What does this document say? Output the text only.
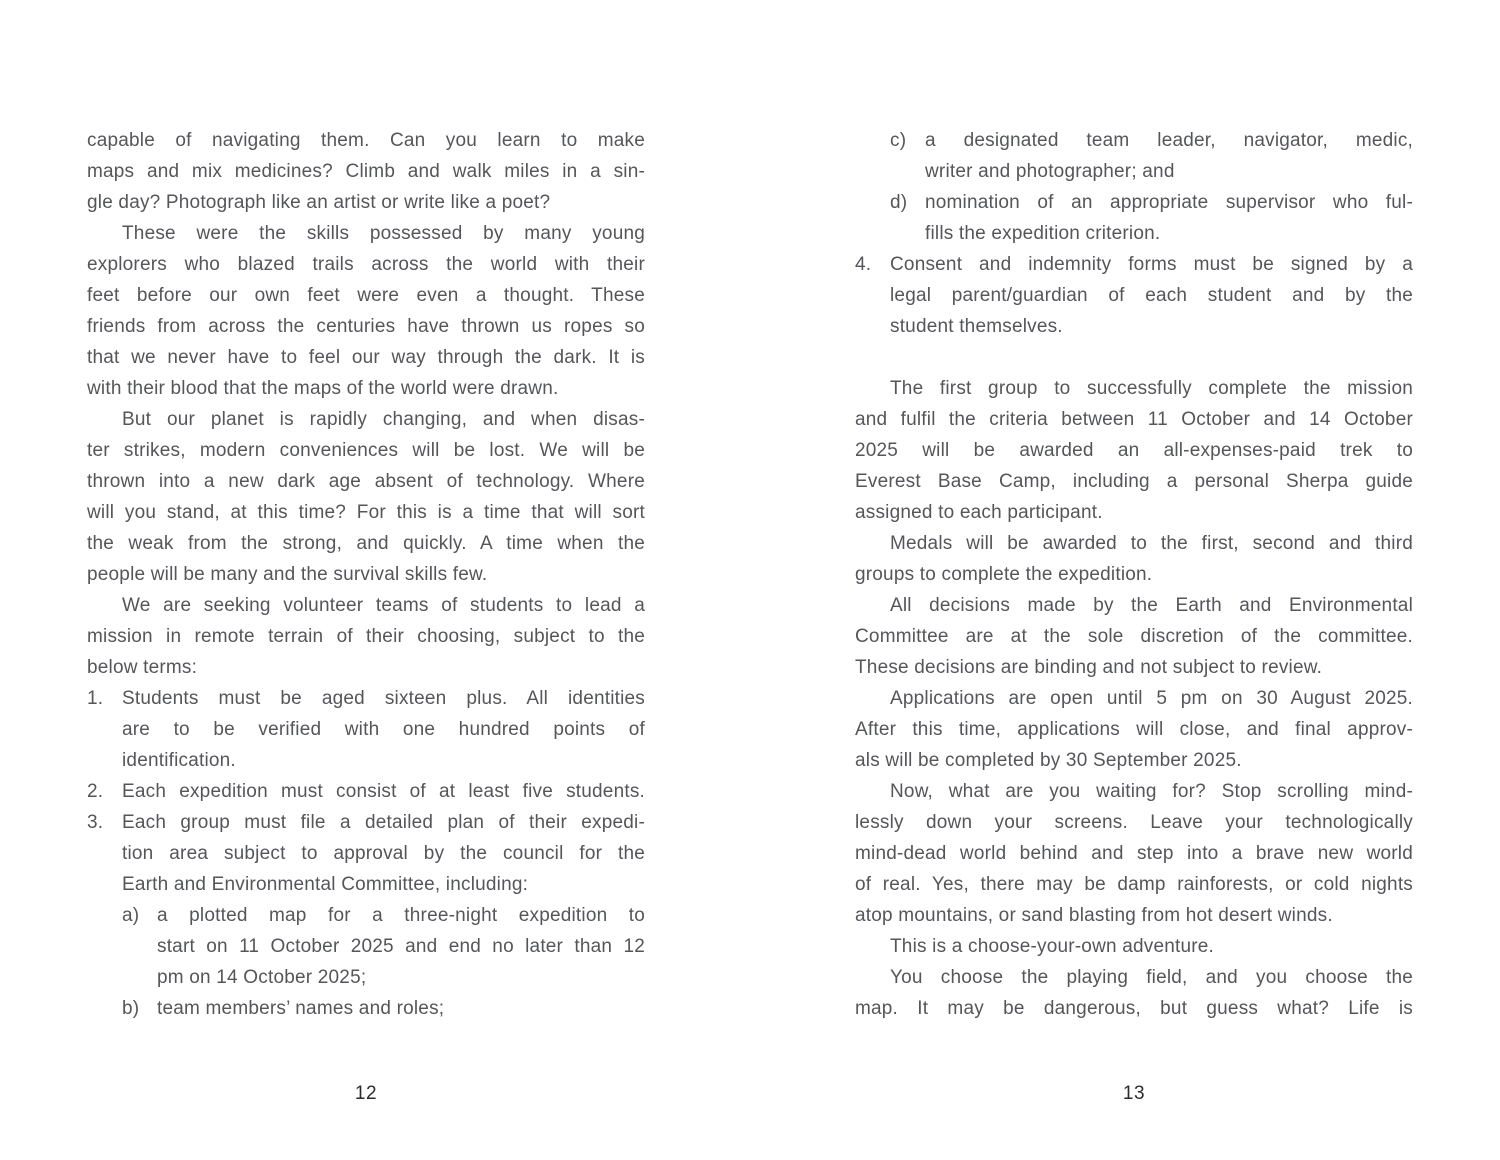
capable of navigating them. Can you learn to make
maps and mix medicines? Climb and walk miles in a sin-
gle day? Photograph like an artist or write like a poet?
These were the skills possessed by many young
explorers who blazed trails across the world with their
feet before our own feet were even a thought. These
friends from across the centuries have thrown us ropes so
that we never have to feel our way through the dark. It is
with their blood that the maps of the world were drawn.
But our planet is rapidly changing, and when disas-
ter strikes, modern conveniences will be lost. We will be
thrown into a new dark age absent of technology. Where
will you stand, at this time? For this is a time that will sort
the weak from the strong, and quickly. A time when the
people will be many and the survival skills few.
We are seeking volunteer teams of students to lead a
mission in remote terrain of their choosing, subject to the
below terms:
1. Students must be aged sixteen plus. All identities
are to be verified with one hundred points of
identification.
2. Each expedition must consist of at least five students.
3. Each group must file a detailed plan of their expedi-
tion area subject to approval by the council for the
Earth and Environmental Committee, including:
a) a plotted map for a three-night expedition to
start on 11 October 2025 and end no later than 12
pm on 14 October 2025;
b) team members’ names and roles;
c) a designated team leader, navigator, medic,
writer and photographer; and
d) nomination of an appropriate supervisor who ful-
fills the expedition criterion.
4. Consent and indemnity forms must be signed by a
legal parent/guardian of each student and by the
student themselves.
The first group to successfully complete the mission
and fulfil the criteria between 11 October and 14 October
2025 will be awarded an all-expenses-paid trek to
Everest Base Camp, including a personal Sherpa guide
assigned to each participant.
Medals will be awarded to the first, second and third
groups to complete the expedition.
All decisions made by the Earth and Environmental
Committee are at the sole discretion of the committee.
These decisions are binding and not subject to review.
Applications are open until 5 pm on 30 August 2025.
After this time, applications will close, and final approv-
als will be completed by 30 September 2025.
Now, what are you waiting for? Stop scrolling mind-
lessly down your screens. Leave your technologically
mind-dead world behind and step into a brave new world
of real. Yes, there may be damp rainforests, or cold nights
atop mountains, or sand blasting from hot desert winds.
This is a choose-your-own adventure.
You choose the playing field, and you choose the
map. It may be dangerous, but guess what? Life is
12	13
